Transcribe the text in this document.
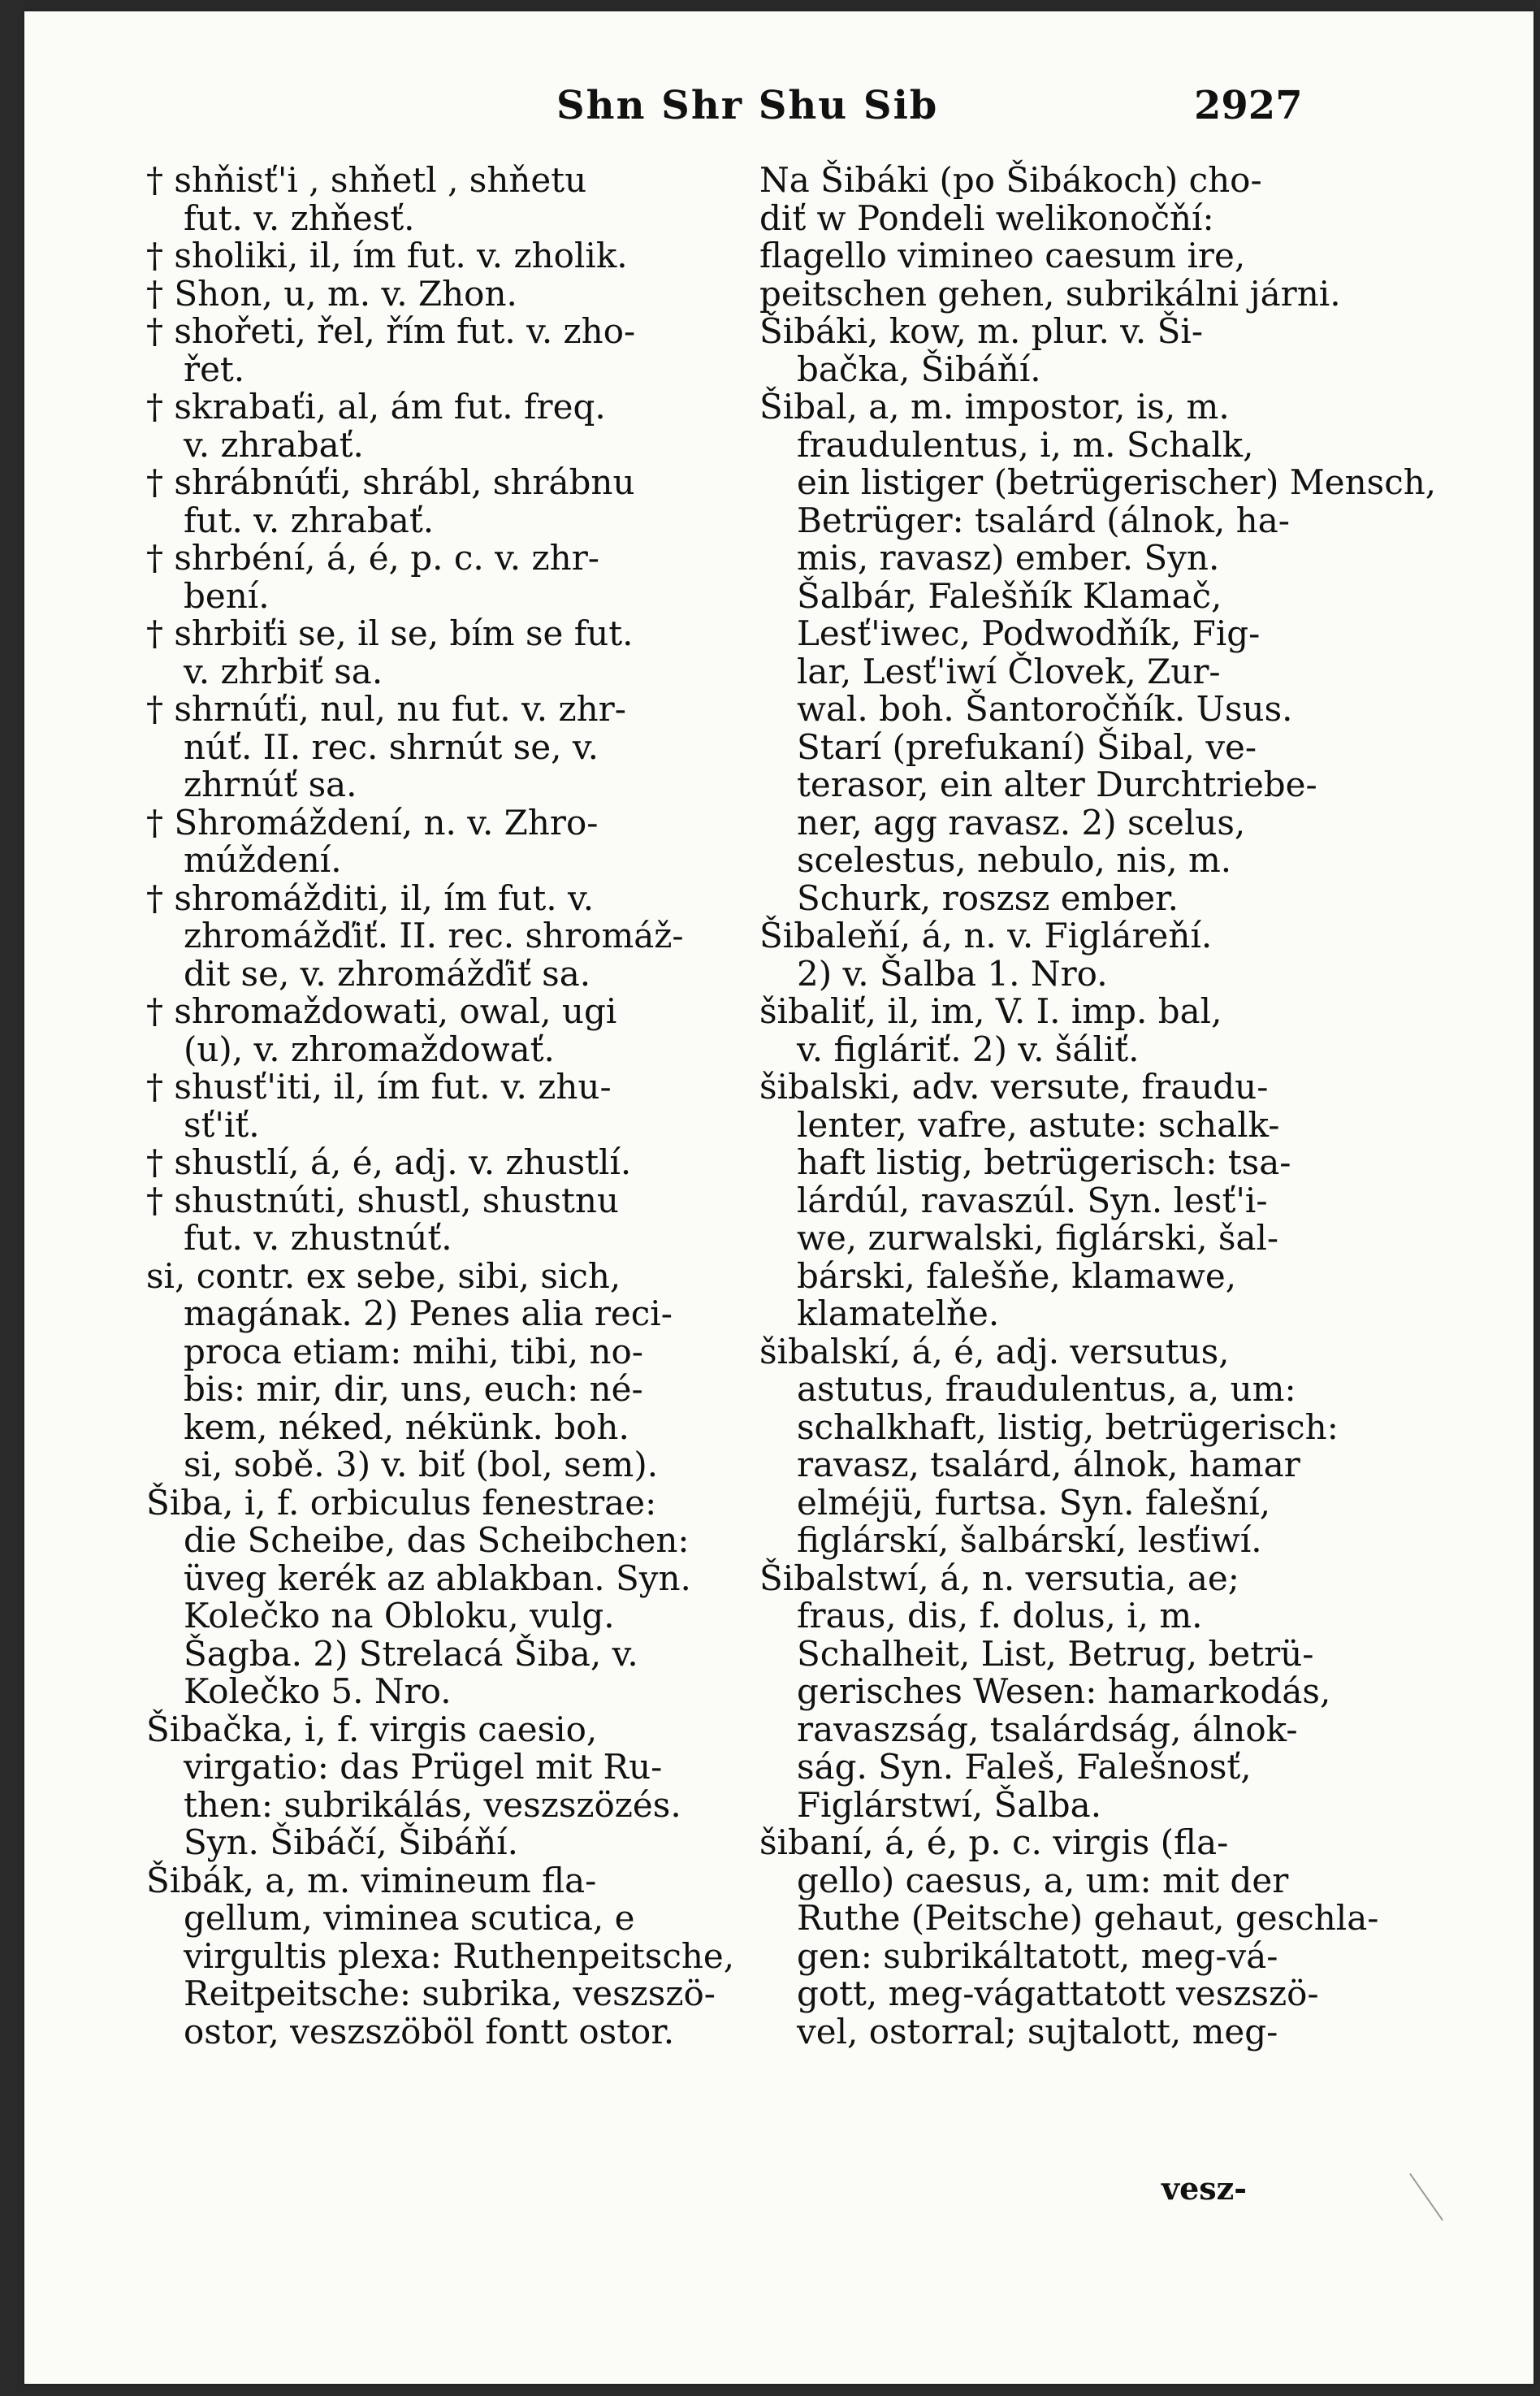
Shn Shr Shu Sib	2927
† shňisť'i , shňetl , shňetu
fut. v. zhňesť.
† sholiki, il, ím fut. v. zholik.
† Shon, u, m. v. Zhon.
† shořeti, řel, řím fut. v. zho-
řet.
† skrabaťi, al, ám fut. freq.
v. zhrabať.
† shrábnúťi, shrábl, shrábnu
fut. v. zhrabať.
† shrbéní, á, é, p. c. v. zhr-
bení.
† shrbiťi se, il se, bím se fut.
v. zhrbiť sa.
† shrnúťi, nul, nu fut. v. zhr-
núť. II. rec. shrnút se, v.
zhrnúť sa.
† Shromáždení, n. v. Zhro-
múždení.
† shromážditi, il, ím fut. v.
zhromážďiť. II. rec. shromáž-
dit se, v. zhromážďiť sa.
† shromaždowati, owal, ugi
(u), v. zhromaždowať.
† shusť'iti, il, ím fut. v. zhu-
sť'iť.
† shustlí, á, é, adj. v. zhustlí.
† shustnúti, shustl, shustnu
fut. v. zhustnúť.
si, contr. ex sebe, sibi, sich,
magának. 2) Penes alia reci-
proca etiam: mihi, tibi, no-
bis: mir, dir, uns, euch: né-
kem, néked, nékünk. boh.
si, sobě. 3) v. biť (bol, sem).
Šiba, i, f. orbiculus fenestrae:
die Scheibe, das Scheibchen:
üveg kerék az ablakban. Syn.
Kolečko na Obloku, vulg.
Šagba. 2) Strelacá Šiba, v.
Kolečko 5. Nro.
Šibačka, i, f. virgis caesio,
virgatio: das Prügel mit Ru-
then: subrikálás, veszszözés.
Syn. Šibáčí, Šibáňí.
Šibák, a, m. vimineum fla-
gellum, viminea scutica, e
virgultis plexa: Ruthenpeitsche,
Reitpeitsche: subrika, veszszö-
ostor, veszszöböl fontt ostor.
Na Šibáki (po Šibákoch) cho-
diť w Pondeli welikonočňí:
flagello vimineo caesum ire,
peitschen gehen, subrikálni járni.
Šibáki, kow, m. plur. v. Ši-
bačka, Šibáňí.
Šibal, a, m. impostor, is, m.
fraudulentus, i, m. Schalk,
ein listiger (betrügerischer) Mensch,
Betrüger: tsalárd (álnok, ha-
mis, ravasz) ember. Syn.
Šalbár, Falešňík Klamač,
Lesť'iwec, Podwodňík, Fig-
lar, Lesť'iwí Človek, Zur-
wal. boh. Šantoročňík. Usus.
Starí (prefukaní) Šibal, ve-
terasor, ein alter Durchtriebe-
ner, agg ravasz. 2) scelus,
scelestus, nebulo, nis, m.
Schurk, roszsz ember.
Šibaleňí, á, n. v. Figláreňí.
2) v. Šalba 1. Nro.
šibaliť, il, im, V. I. imp. bal,
v. figláriť. 2) v. šáliť.
šibalski, adv. versute, fraudu-
lenter, vafre, astute: schalk-
haft listig, betrügerisch: tsa-
lárdúl, ravaszúl. Syn. lesť'i-
we, zurwalski, figlárski, šal-
bárski, falešňe, klamawe,
klamatelňe.
šibalskí, á, é, adj. versutus,
astutus, fraudulentus, a, um:
schalkhaft, listig, betrügerisch:
ravasz, tsalárd, álnok, hamar
elméjü, furtsa. Syn. falešní,
figlárskí, šalbárskí, lesťiwí.
Šibalstwí, á, n. versutia, ae;
fraus, dis, f. dolus, i, m.
Schalheit, List, Betrug, betrü-
gerisches Wesen: hamarkodás,
ravaszság, tsalárdság, álnok-
ság. Syn. Faleš, Falešnosť,
Figlárstwí, Šalba.
šibaní, á, é, p. c. virgis (fla-
gello) caesus, a, um: mit der
Ruthe (Peitsche) gehaut, geschla-
gen: subrikáltatott, meg-vá-
gott, meg-vágattatott veszszö-
vel, ostorral; sujtalott, meg-
vesz-
